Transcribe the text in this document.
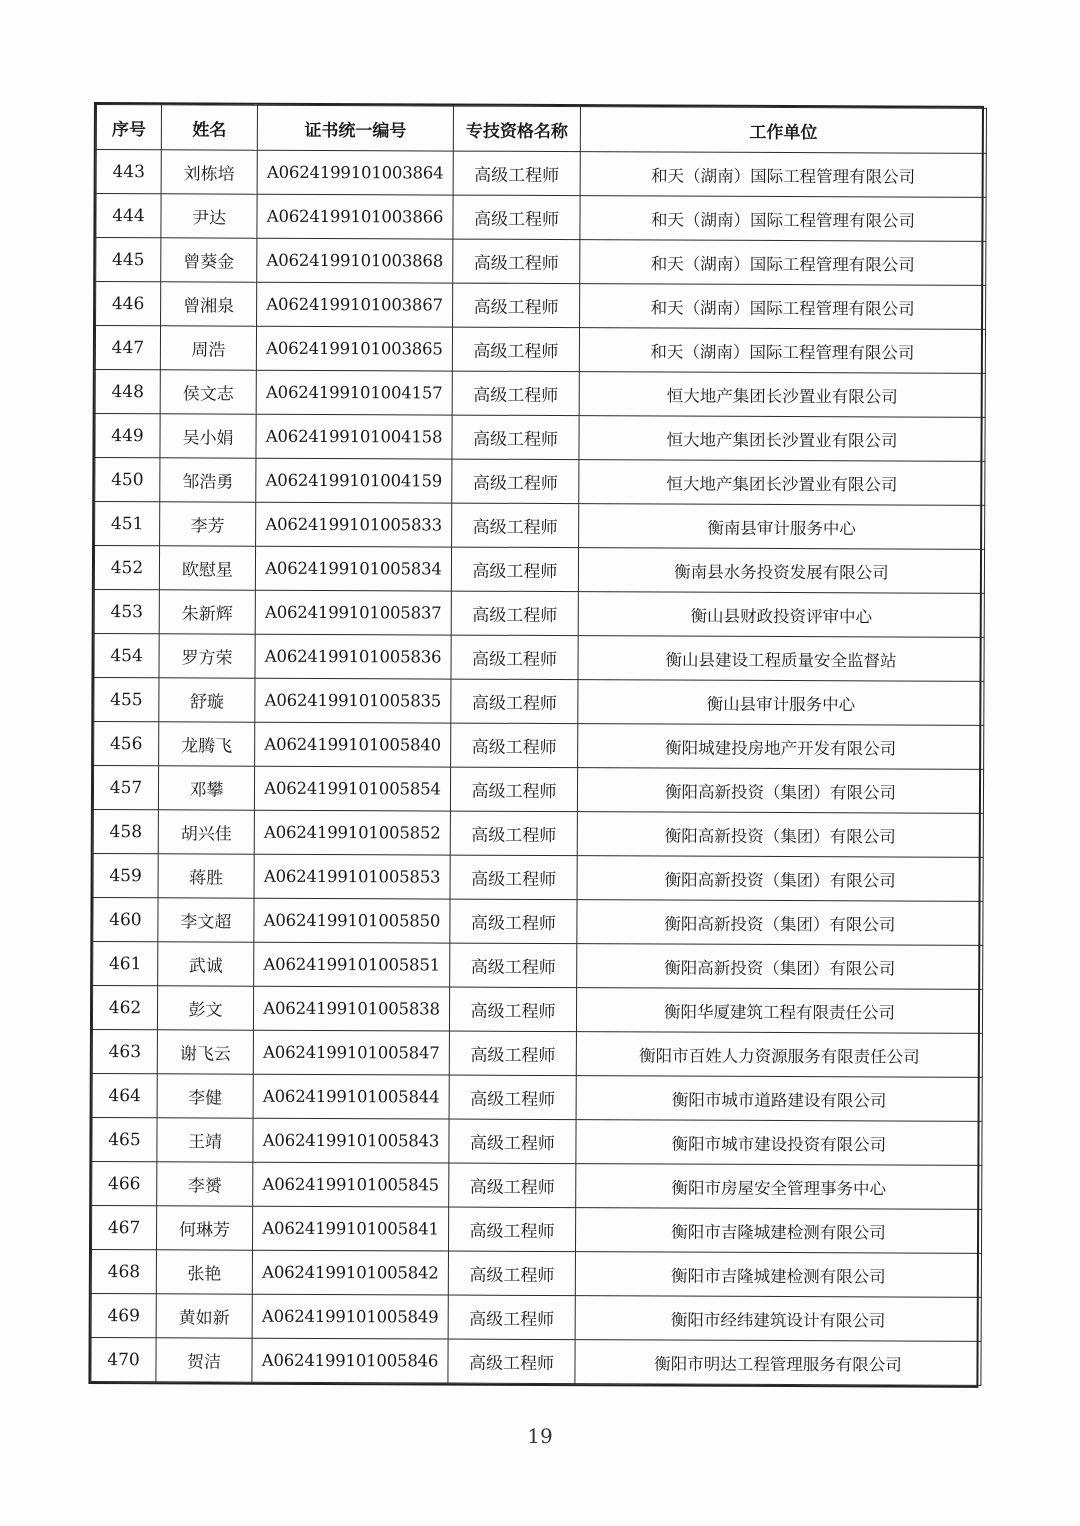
序号	姓名	证书统一编号	专技资格名称	工作单位
443	刘栋培	A0624199101003864	高级工程师	和天（湖南）国际工程管理有限公司
444	尹达	A0624199101003866	高级工程师	和天（湖南）国际工程管理有限公司
445	曾葵金	A0624199101003868	高级工程师	和天（湖南）国际工程管理有限公司
446	曾湘泉	A0624199101003867	高级工程师	和天（湖南）国际工程管理有限公司
447	周浩	A0624199101003865	高级工程师	和天（湖南）国际工程管理有限公司
448	侯文志	A0624199101004157	高级工程师	恒大地产集团长沙置业有限公司
449	吴小娟	A0624199101004158	高级工程师	恒大地产集团长沙置业有限公司
450	邹浩勇	A0624199101004159	高级工程师	恒大地产集团长沙置业有限公司
451	李芳	A0624199101005833	高级工程师	衡南县审计服务中心
452	欧慰星	A0624199101005834	高级工程师	衡南县水务投资发展有限公司
453	朱新辉	A0624199101005837	高级工程师	衡山县财政投资评审中心
454	罗方荣	A0624199101005836	高级工程师	衡山县建设工程质量安全监督站
455	舒璇	A0624199101005835	高级工程师	衡山县审计服务中心
456	龙腾飞	A0624199101005840	高级工程师	衡阳城建投房地产开发有限公司
457	邓攀	A0624199101005854	高级工程师	衡阳高新投资（集团）有限公司
458	胡兴佳	A0624199101005852	高级工程师	衡阳高新投资（集团）有限公司
459	蒋胜	A0624199101005853	高级工程师	衡阳高新投资（集团）有限公司
460	李文超	A0624199101005850	高级工程师	衡阳高新投资（集团）有限公司
461	武诚	A0624199101005851	高级工程师	衡阳高新投资（集团）有限公司
462	彭文	A0624199101005838	高级工程师	衡阳华厦建筑工程有限责任公司
463	谢飞云	A0624199101005847	高级工程师	衡阳市百姓人力资源服务有限责任公司
464	李健	A0624199101005844	高级工程师	衡阳市城市道路建设有限公司
465	王靖	A0624199101005843	高级工程师	衡阳市城市建设投资有限公司
466	李赟	A0624199101005845	高级工程师	衡阳市房屋安全管理事务中心
467	何琳芳	A0624199101005841	高级工程师	衡阳市吉隆城建检测有限公司
468	张艳	A0624199101005842	高级工程师	衡阳市吉隆城建检测有限公司
469	黄如新	A0624199101005849	高级工程师	衡阳市经纬建筑设计有限公司
470	贺洁	A0624199101005846	高级工程师	衡阳市明达工程管理服务有限公司
19
